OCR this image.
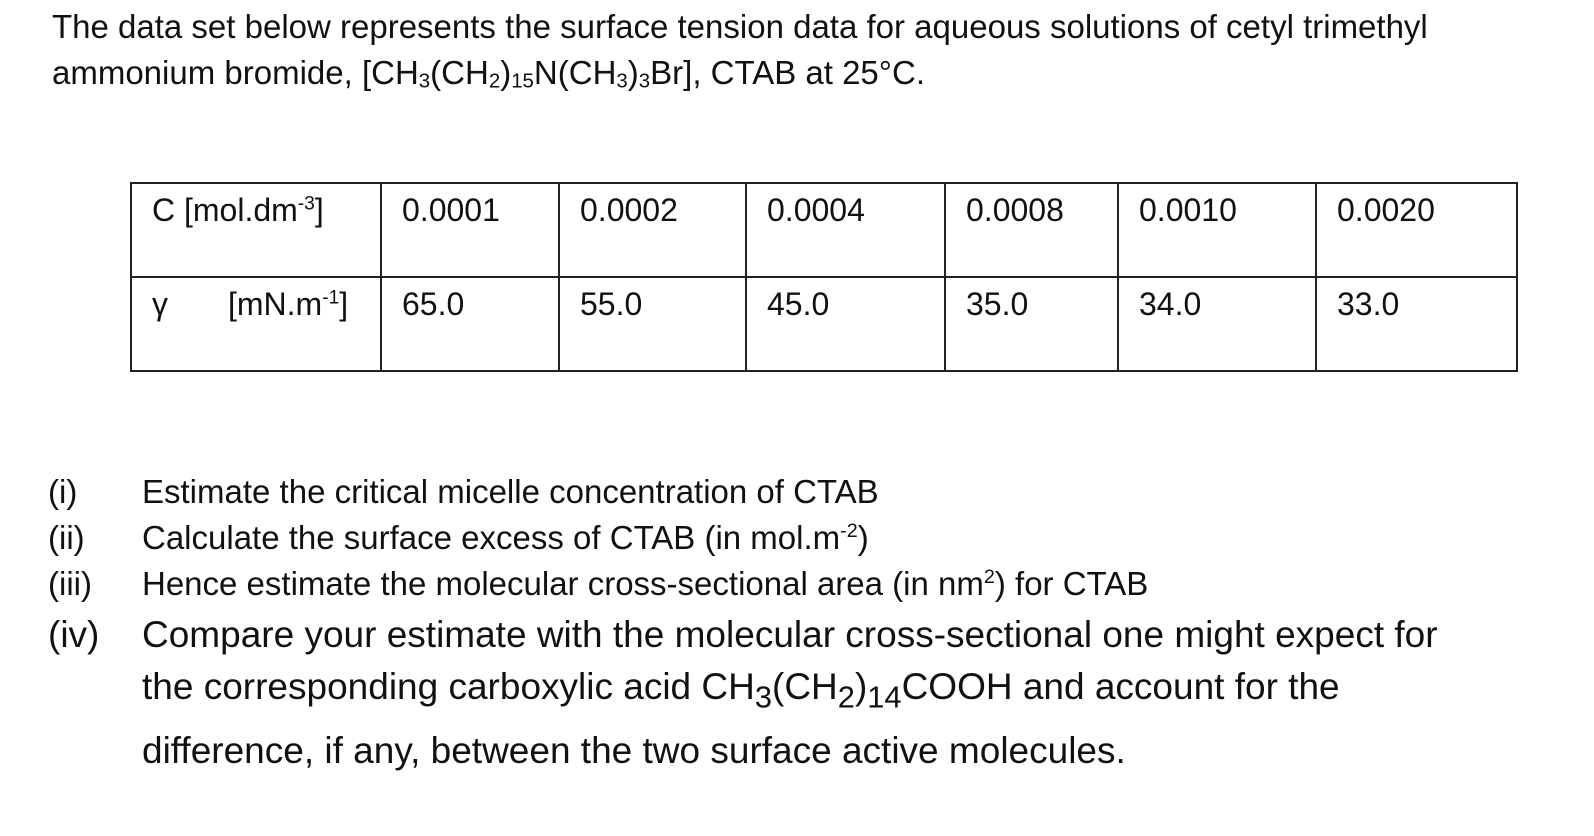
The data set below represents the surface tension data for aqueous solutions of cetyl trimethyl
ammonium bromide, $[CH_3(CH_2)_{15}N(CH_3)_3Br]$, CTAB at 25°C.
C $[mol.dm^{-3}]$	0.0001	0.0002	0.0004	0.0008	0.0010	0.0020
γ $[mN.m^{-1}]$	65.0	55.0	45.0	35.0	34.0	33.0
(i) Estimate the critical micelle concentration of CTAB
(ii) Calculate the surface excess of CTAB (in $mol.m^{-2}$)
(iii) Hence estimate the molecular cross-sectional area (in $nm^2$) for CTAB
(iv) Compare your estimate with the molecular cross-sectional one might expect for
the corresponding carboxylic acid $CH_3(CH_2)_{14}COOH$ and account for the
difference, if any, between the two surface active molecules.
